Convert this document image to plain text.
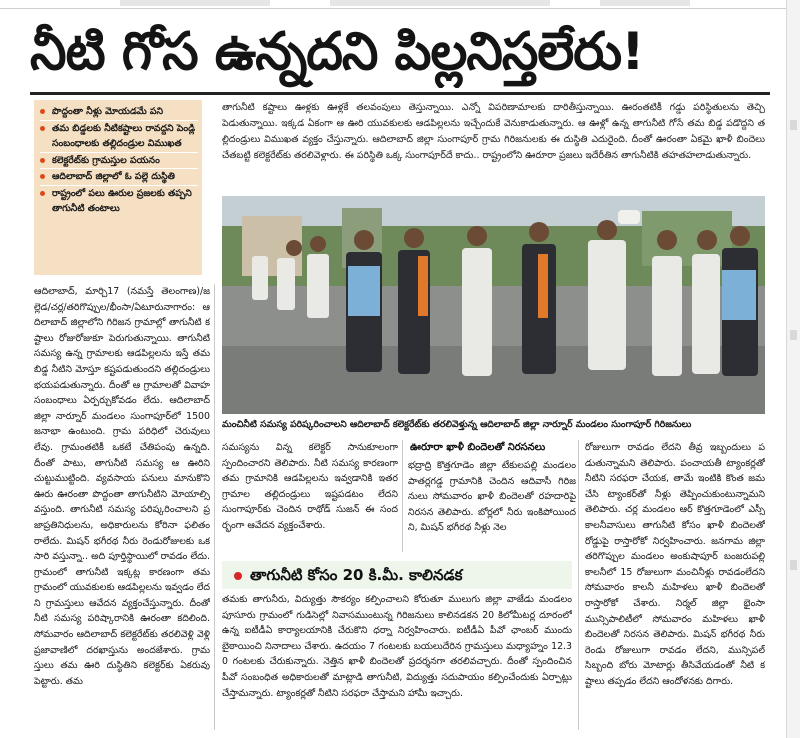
నీటి గోస ఉన్నదని పిల్లనిస్తలేరు!
పొద్దంతా నీళ్లు మోయడమే పని
తమ బిడ్డలకు నీటికష్టాలు రావద్దని పెండ్లి సంబంధాలకు తల్లిదండ్రుల విముఖత
కలెక్టరేట్‌కు గ్రామస్తుల పయనం
ఆదిలాబాద్ జిల్లాలో ఓ పల్లె దుస్థితి
రాష్ట్రంలో పలు ఊరుల ప్రజలకు తప్పని తాగునీటి తంటాలు
తాగునీటి కష్టాలు ఊళ్లకు ఊళ్లకే తలవంపులు తెస్తున్నాయి. ఎన్నో విపరిణామాలకు దారితీస్తున్నాయి. ఊరంతటికీ గడ్డు పరిస్థితులను తెచ్చి పెడుతున్నాయి. ఇక్కడ ఏకంగా ఆ ఊరి యువకులకు ఆడపిల్లలను ఇచ్చేందుకే వెనుకాడుతున్నారు. ఆ ఊళ్లో ఉన్న తాగునీటి గోసే తమ బిడ్డ పడొద్దని తల్లిదండ్రులు విముఖత వ్యక్తం చేస్తున్నారు. ఆదిలాబాద్ జిల్లా సుంగాపూర్ గ్రామ గిరిజనులకు ఈ దుస్థితి ఎదురైంది. దీంతో ఊరంతా ఏకమై ఖాళీ బిందెలు చేతబట్టి కలెక్టరేట్‌కు తరలివెళ్లారు. ఈ పరిస్థితి ఒక్క సుంగాపూర్‌దే కాదు.. రాష్ట్రంలోని ఊరూరా ప్రజలు ఇదేరీతిన తాగునీటికి తహతహలాడుతున్నారు.
మంచినీటి సమస్య పరిష్కరించాలని ఆదిలాబాద్ కలెక్టరేట్‌కు తరలివెళ్తున్న ఆదిలాబాద్ జిల్లా నార్నూర్ మండలం సుంగాపూర్ గిరిజనులు
ఆదిలాబాద్, మార్చి17 (నమస్తే తెలంగాణ)/జల్లెడ/చర్ల/తరిగొప్పుల/భీంసా/ఏటూరునాగారం: ఆదిలాబాద్ జిల్లాలోని గిరిజన గ్రామాల్లో తాగునీటి కష్టాలు రోజురోజుకూ పెరుగుతున్నాయి. తాగునీటి సమస్య ఉన్న గ్రామాలకు ఆడపిల్లలను ఇస్తే తమ బిడ్డ నీటిని మోస్తూ కష్టపడుతుందని తల్లిదండ్రులు భయపడుతున్నారు. దీంతో ఆ గ్రామాలతో వివాహ సంబంధాలు ఏర్పర్చుకోవడం లేదు. ఆదిలాబాద్ జిల్లా నార్నూర్ మండలం సుంగాపూర్‌లో 1500 జనాభా ఉంటుంది. గ్రామ పరిధిలో చెరువులు లేవు. గ్రామంతటికీ ఒకటే చేతిపంపు ఉన్నది. దీంతో పాటు, తాగునీటి సమస్య ఆ ఊరిని చుట్టుముట్టింది. వ్యవసాయ పనులు మానుకొని ఊరు ఊరంతా పొద్దంతా తాగునీటిని మోయాల్సి వస్తుంది. తాగునీటి సమస్య పరిష్కరించాలని ప్రజాప్రతినిధులను, అధికారులను కోరినా ఫలితం రాలేదు. మిషన్ భగీరథ నీరు రెండురోజులకు ఒకసారి వస్తున్నా.. అది పూర్తిస్థాయిలో రావడం లేదు. గ్రామంలో తాగునీటి ఇక్కట్ల కారణంగా తమ గ్రామంలో యువకులకు ఆడపిల్లలను ఇవ్వడం లేదని గ్రామస్తులు ఆవేదన వ్యక్తంచేస్తున్నారు. దీంతో నీటి సమస్య పరిష్కారానికి ఊరంతా కదిలింది. సోమవారం ఆదిలాబాద్ కలెక్టరేట్‌కు తరలివెళ్లి వెళ్లి ప్రజావాణిలో దరఖాస్తును అందజేశారు. గ్రామస్తులు తమ ఊరి దుస్థితిని కలెక్టర్‌కు ఏకరువు పెట్టారు. తమ
సమస్యను విన్న కలెక్టర్ సానుకూలంగా స్పందించారని తెలిపారు. నీటి సమస్య కారణంగా తమ గ్రామానికి ఆడపిల్లలను ఇవ్వడానికి ఇతర గ్రామాల తల్లిదండ్రులు ఇష్టపడటం లేదని సుంగాపూర్‌కు చెందిన రాథోడ్ సుజన్ ఈ సందర్భంగా ఆవేదన వ్యక్తంచేశారు.
ఊరూరా ఖాళీ బిందెలతో నిరసనలు
భద్రాద్రి కొత్తగూడెం జిల్లా టేకులపల్లి మండలం పాతర్లగడ్డ గ్రామానికి చెందిన ఆదివాసీ గిరిజనులు సోమవారం ఖాళీ బిందెలతో రహదారిపై నిరసన తెలిపారు. బోర్లలో నీరు ఇంకిపోయిందని, మిషన్ భగీరథ నీళ్లు నెల
తాగునీటి కోసం 20 కి.మీ. కాలినడక
తమకు తాగునీరు, విద్యుత్తు సౌకర్యం కల్పించాలని కోరుతూ ములుగు జిల్లా వాజేడు మండలం పూసూరు గ్రామంలో గుడిసెల్లో నివాసముంటున్న గిరిజనులు కాలినడకన 20 కిలోమీటర్ల దూరంలో ఉన్న ఐటీడీఏ కార్యాలయానికి చేరుకొని ధర్నా నిర్వహించారు. ఐటీడీఏ పీవో ఛాంబర్ ముందు బైఠాయించి నినాదాలు చేశారు. ఉదయం 7 గంటలకు బయలుదేరిన గ్రామస్తులు మధ్యాహ్నం 12.30 గంటలకు చేరుకున్నారు. నెత్తిన ఖాళీ బిందెలతో ప్రదర్శనగా తరలివచ్చారు. దీంతో స్పందించిన పీవో సంబంధిత అధికారులతో మాట్లాడి తాగునీటి, విద్యుత్తు సదుపాయం కల్పించేందుకు ఏర్పాట్లు చేస్తామన్నారు. ట్యాంకర్లతో నీటిని సరఫరా చేస్తామని హామీ ఇచ్చారు.
రోజులుగా రావడం లేదని తీవ్ర ఇబ్బందులు పడుతున్నామని తెలిపారు. పంచాయతీ ట్యాంకర్లతో నీటిని సరఫరా చేయక, తామే ఇంటికి కొంత జమ చేసి ట్యాంకర్‌తో నీళ్లు తెప్పించుకుంటున్నామని తెలిపారు. చర్ల మండలం ఆర్ కొత్తగూడెంలో ఎస్సీ కాలనీవాసులు తాగునీటి కోసం ఖాళీ బిందెలతో రోడ్డుపై రాస్తారోకో నిర్వహించారు. జనగామ జిల్లా తరిగొప్పుల మండలం అంకుషాపూర్ బంజరుపల్లి కాలనీలో 15 రోజులుగా మంచినీళ్లు రావడంలేదని సోమవారం కాలనీ మహిళలు ఖాళీ బిందెలతో రాస్తారోకో చేశారు. నిర్మల్ జిల్లా భైంసా మున్సిపాలిటీలో సోమవారం మహిళలు ఖాళీ బిందెలతో నిరసన తెలిపారు. మిషన్ భగీరథ నీరు రెండు రోజులుగా రావడం లేదని, మున్సిపల్ సిబ్బంది బోరు మోటార్లు తీసివేయడంతో నీటి కష్టాలు తప్పడం లేదని ఆందోళనకు దిగారు.
